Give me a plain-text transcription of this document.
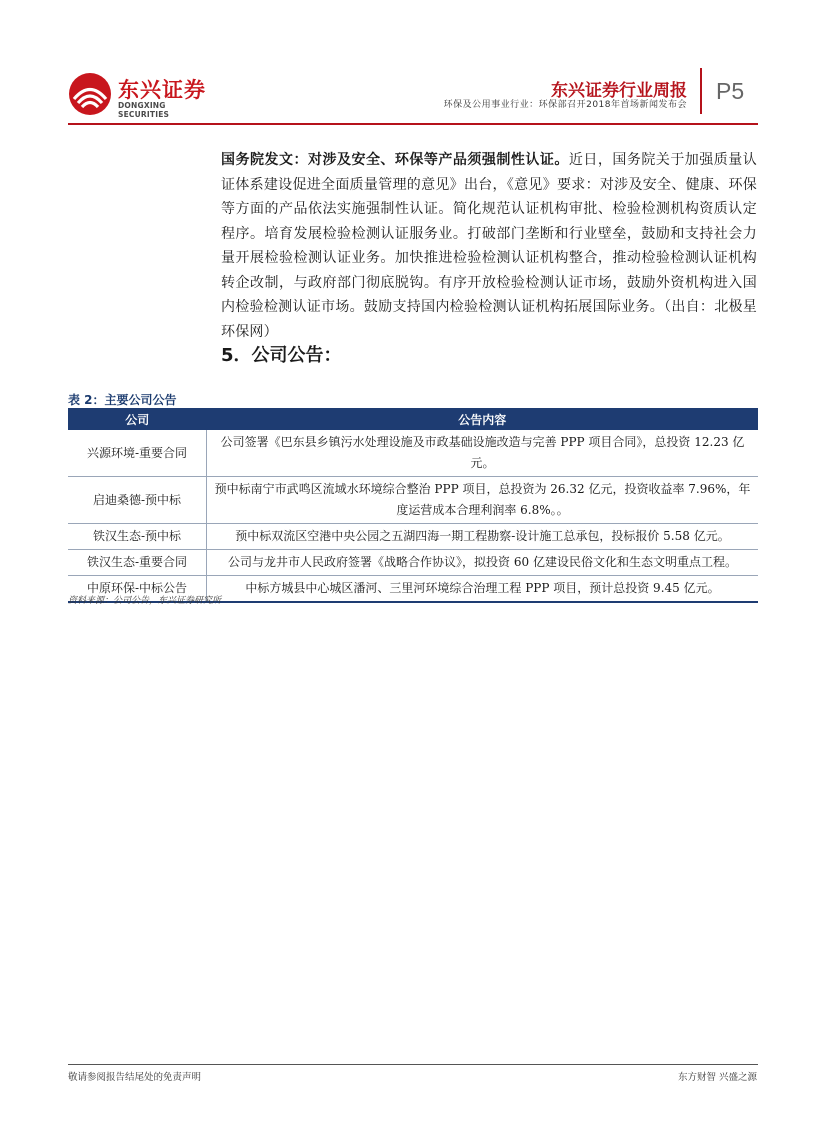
东兴证券
DONGXING SECURITIES
东兴证券行业周报
环保及公用事业行业：环保部召开2018年首场新闻发布会
P5
国务院发文：对涉及安全、环保等产品须强制性认证。近日，国务院关于加强质量认证体系建设促进全面质量管理的意见》出台，《意见》要求：对涉及安全、健康、环保等方面的产品依法实施强制性认证。简化规范认证机构审批、检验检测机构资质认定程序。培育发展检验检测认证服务业。打破部门垄断和行业壁垒，鼓励和支持社会力量开展检验检测认证业务。加快推进检验检测认证机构整合，推动检验检测认证机构转企改制，与政府部门彻底脱钩。有序开放检验检测认证市场，鼓励外资机构进入国内检验检测认证市场。鼓励支持国内检验检测认证机构拓展国际业务。（出自：北极星环保网）
5．公司公告：
表 2：主要公司公告
公司	公告内容
兴源环境-重要合同	公司签署《巴东县乡镇污水处理设施及市政基础设施改造与完善 PPP 项目合同》，总投资 12.23 亿元。
启迪桑德-预中标	预中标南宁市武鸣区流域水环境综合整治 PPP 项目，总投资为 26.32 亿元，投资收益率 7.96%，年度运营成本合理利润率 6.8%。。
铁汉生态-预中标	预中标双流区空港中央公园之五湖四海一期工程勘察-设计施工总承包，投标报价 5.58 亿元。
铁汉生态-重要合同	公司与龙井市人民政府签署《战略合作协议》，拟投资 60 亿建设民俗文化和生态文明重点工程。
中原环保-中标公告	中标方城县中心城区潘河、三里河环境综合治理工程 PPP 项目，预计总投资 9.45 亿元。
资料来源：公司公告，东兴证券研究所
敬请参阅报告结尾处的免责声明	东方财智 兴盛之源
